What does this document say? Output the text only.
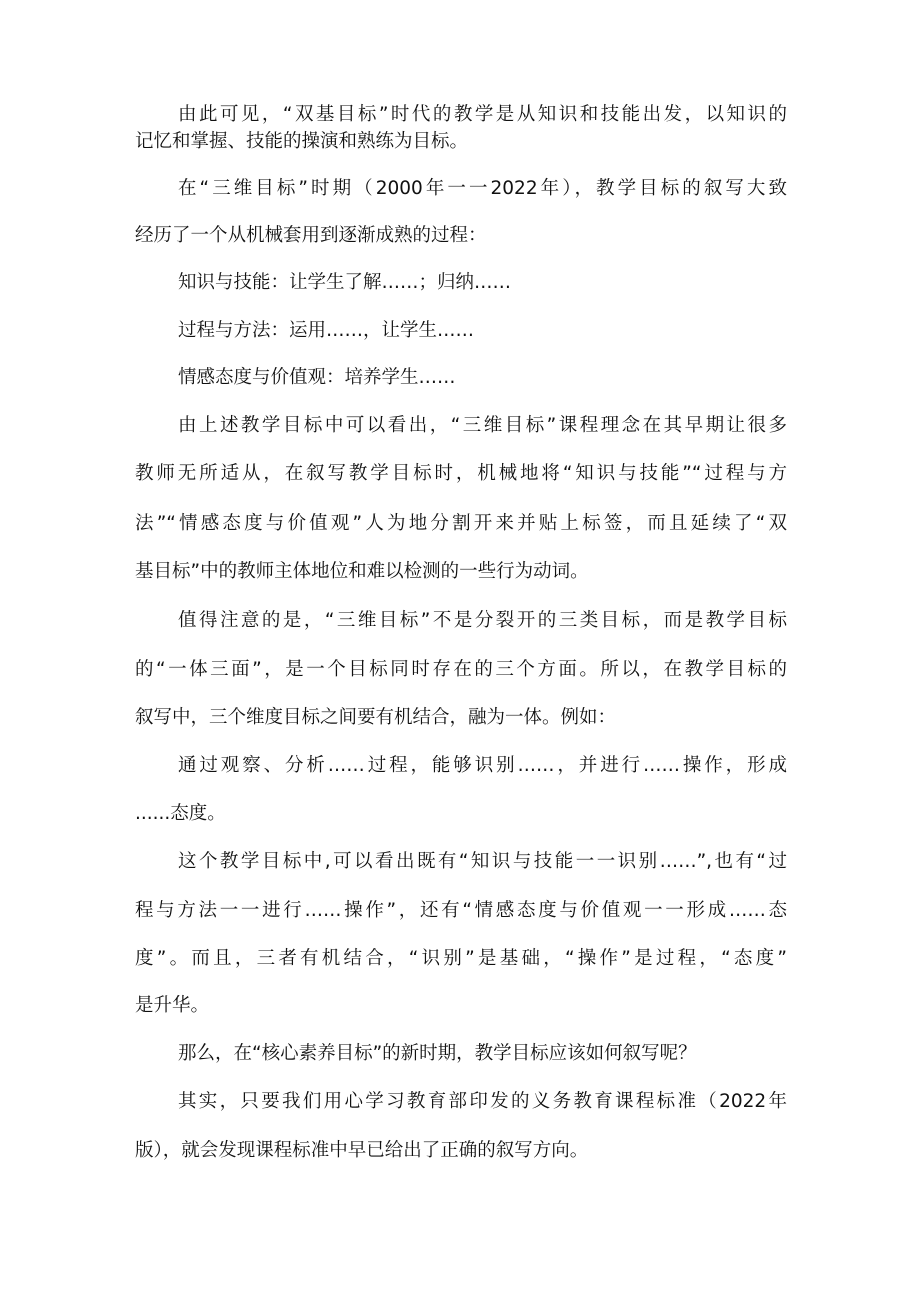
由此可见，“双基目标”时代的教学是从知识和技能出发，以知识的
记忆和掌握、技能的操演和熟练为目标。
在“三维目标”时期（2000年一一2022年），教学目标的叙写大致
经历了一个从机械套用到逐渐成熟的过程：
知识与技能：让学生了解……；归纳……
过程与方法：运用……，让学生……
情感态度与价值观：培养学生……
由上述教学目标中可以看出，“三维目标”课程理念在其早期让很多
教师无所适从，在叙写教学目标时，机械地将“知识与技能”“过程与方
法”“情感态度与价值观”人为地分割开来并贴上标签，而且延续了“双
基目标”中的教师主体地位和难以检测的一些行为动词。
值得注意的是，“三维目标”不是分裂开的三类目标，而是教学目标
的“一体三面”，是一个目标同时存在的三个方面。所以，在教学目标的
叙写中，三个维度目标之间要有机结合，融为一体。例如：
通过观察、分析……过程，能够识别……，并进行……操作，形成
......态度。
这个教学目标中,可以看出既有“知识与技能一一识别……”,也有“过
程与方法一一进行……操作”，还有“情感态度与价值观一一形成……态
度”。而且，三者有机结合，“识别”是基础，“操作”是过程，“态度”
是升华。
那么，在“核心素养目标”的新时期，教学目标应该如何叙写呢？
其实，只要我们用心学习教育部印发的义务教育课程标准（2022年
版），就会发现课程标准中早已给出了正确的叙写方向。
